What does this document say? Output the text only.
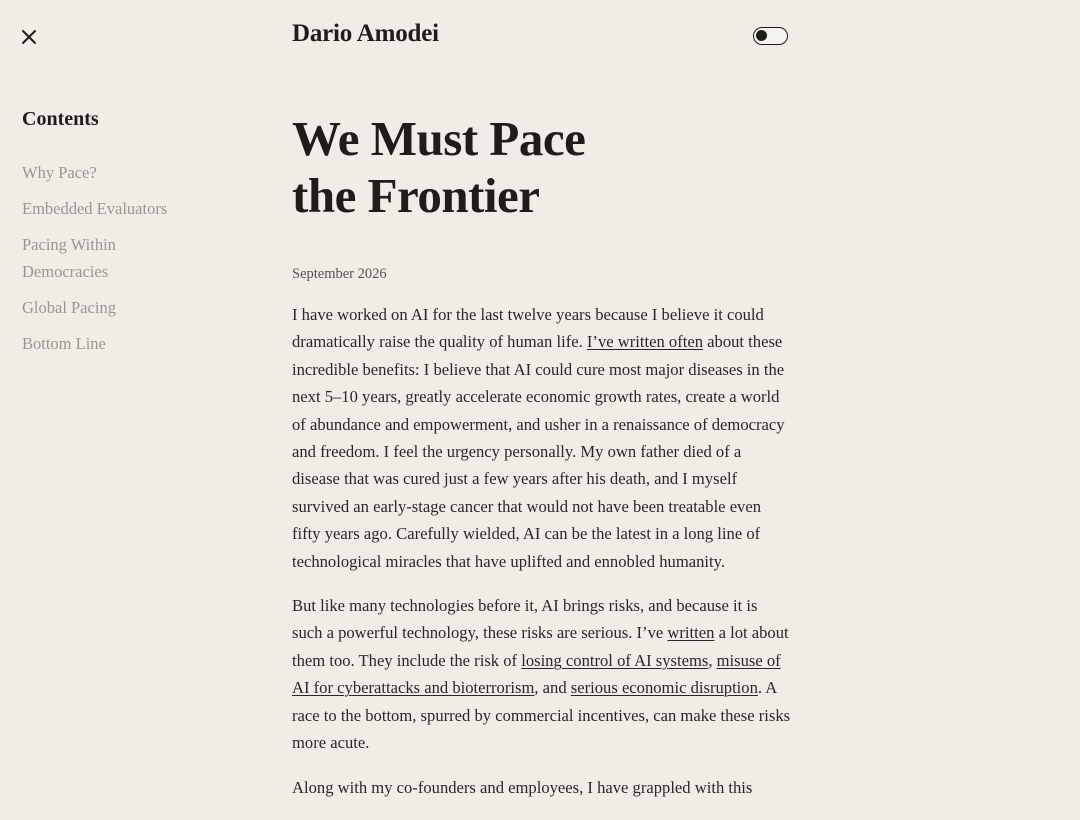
Dario Amodei
Contents
Why Pace?
Embedded Evaluators
Pacing Within Democracies
Global Pacing
Bottom Line
We Must Pace the Frontier
September 2026

I have worked on AI for the last twelve years because I believe it could dramatically raise the quality of human life. I’ve written often about these incredible benefits: I believe that AI could cure most major diseases in the next 5–10 years, greatly accelerate economic growth rates, create a world of abundance and empowerment, and usher in a renaissance of democracy and freedom. I feel the urgency personally. My own father died of a disease that was cured just a few years after his death, and I myself survived an early-stage cancer that would not have been treatable even fifty years ago. Carefully wielded, AI can be the latest in a long line of technological miracles that have uplifted and ennobled humanity.

But like many technologies before it, AI brings risks, and because it is such a powerful technology, these risks are serious. I’ve written a lot about them too. They include the risk of losing control of AI systems, misuse of AI for cyberattacks and bioterrorism, and serious economic disruption. A race to the bottom, spurred by commercial incentives, can make these risks more acute.

Along with my co-founders and employees, I have grappled with this
